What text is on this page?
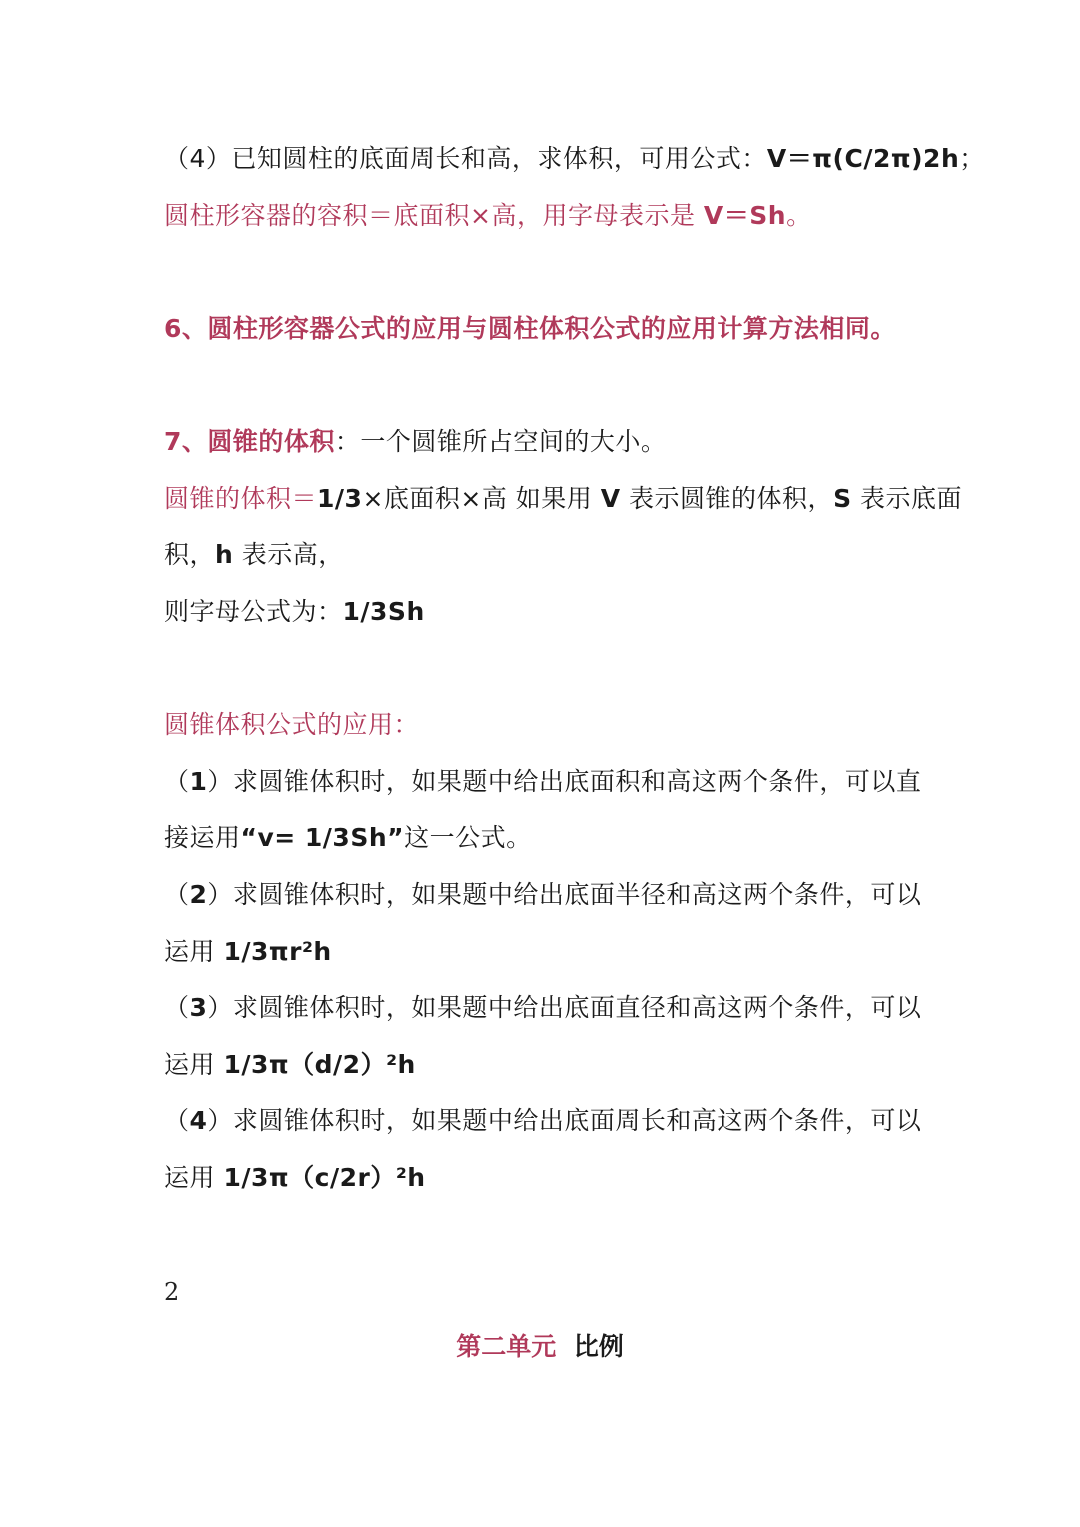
（4）已知圆柱的底面周长和高，求体积，可用公式：V＝π(C/2π)2h；
圆柱形容器的容积＝底面积×高，用字母表示是 V＝Sh。
6、圆柱形容器公式的应用与圆柱体积公式的应用计算方法相同。
7、圆锥的体积：一个圆锥所占空间的大小。
圆锥的体积＝1/3×底面积×高 如果用 V 表示圆锥的体积，S 表示底面
积，h 表示高，
则字母公式为：1/3Sh
圆锥体积公式的应用：
（1）求圆锥体积时，如果题中给出底面积和高这两个条件，可以直
接运用“v= 1/3Sh”这一公式。
（2）求圆锥体积时，如果题中给出底面半径和高这两个条件，可以
运用 1/3πr²h
（3）求圆锥体积时，如果题中给出底面直径和高这两个条件，可以
运用 1/3π（d/2）²h
（4）求圆锥体积时，如果题中给出底面周长和高这两个条件，可以
运用 1/3π（c/2r）²h
2
第二单元 比例
